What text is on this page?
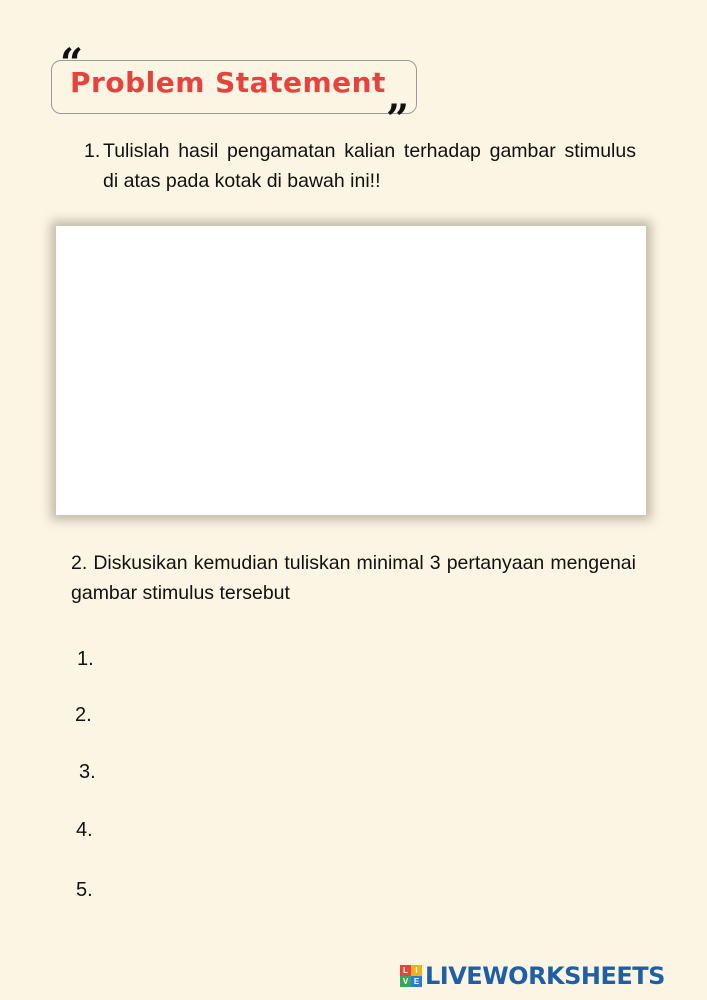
“
Problem Statement
”
1. Tulislah hasil pengamatan kalian terhadap gambar stimulus di atas pada kotak di bawah ini!!
2. Diskusikan kemudian tuliskan minimal 3 pertanyaan mengenai gambar stimulus tersebut
1.
2.
3.
4.
5.
L I
V E LIVEWORKSHEETS
